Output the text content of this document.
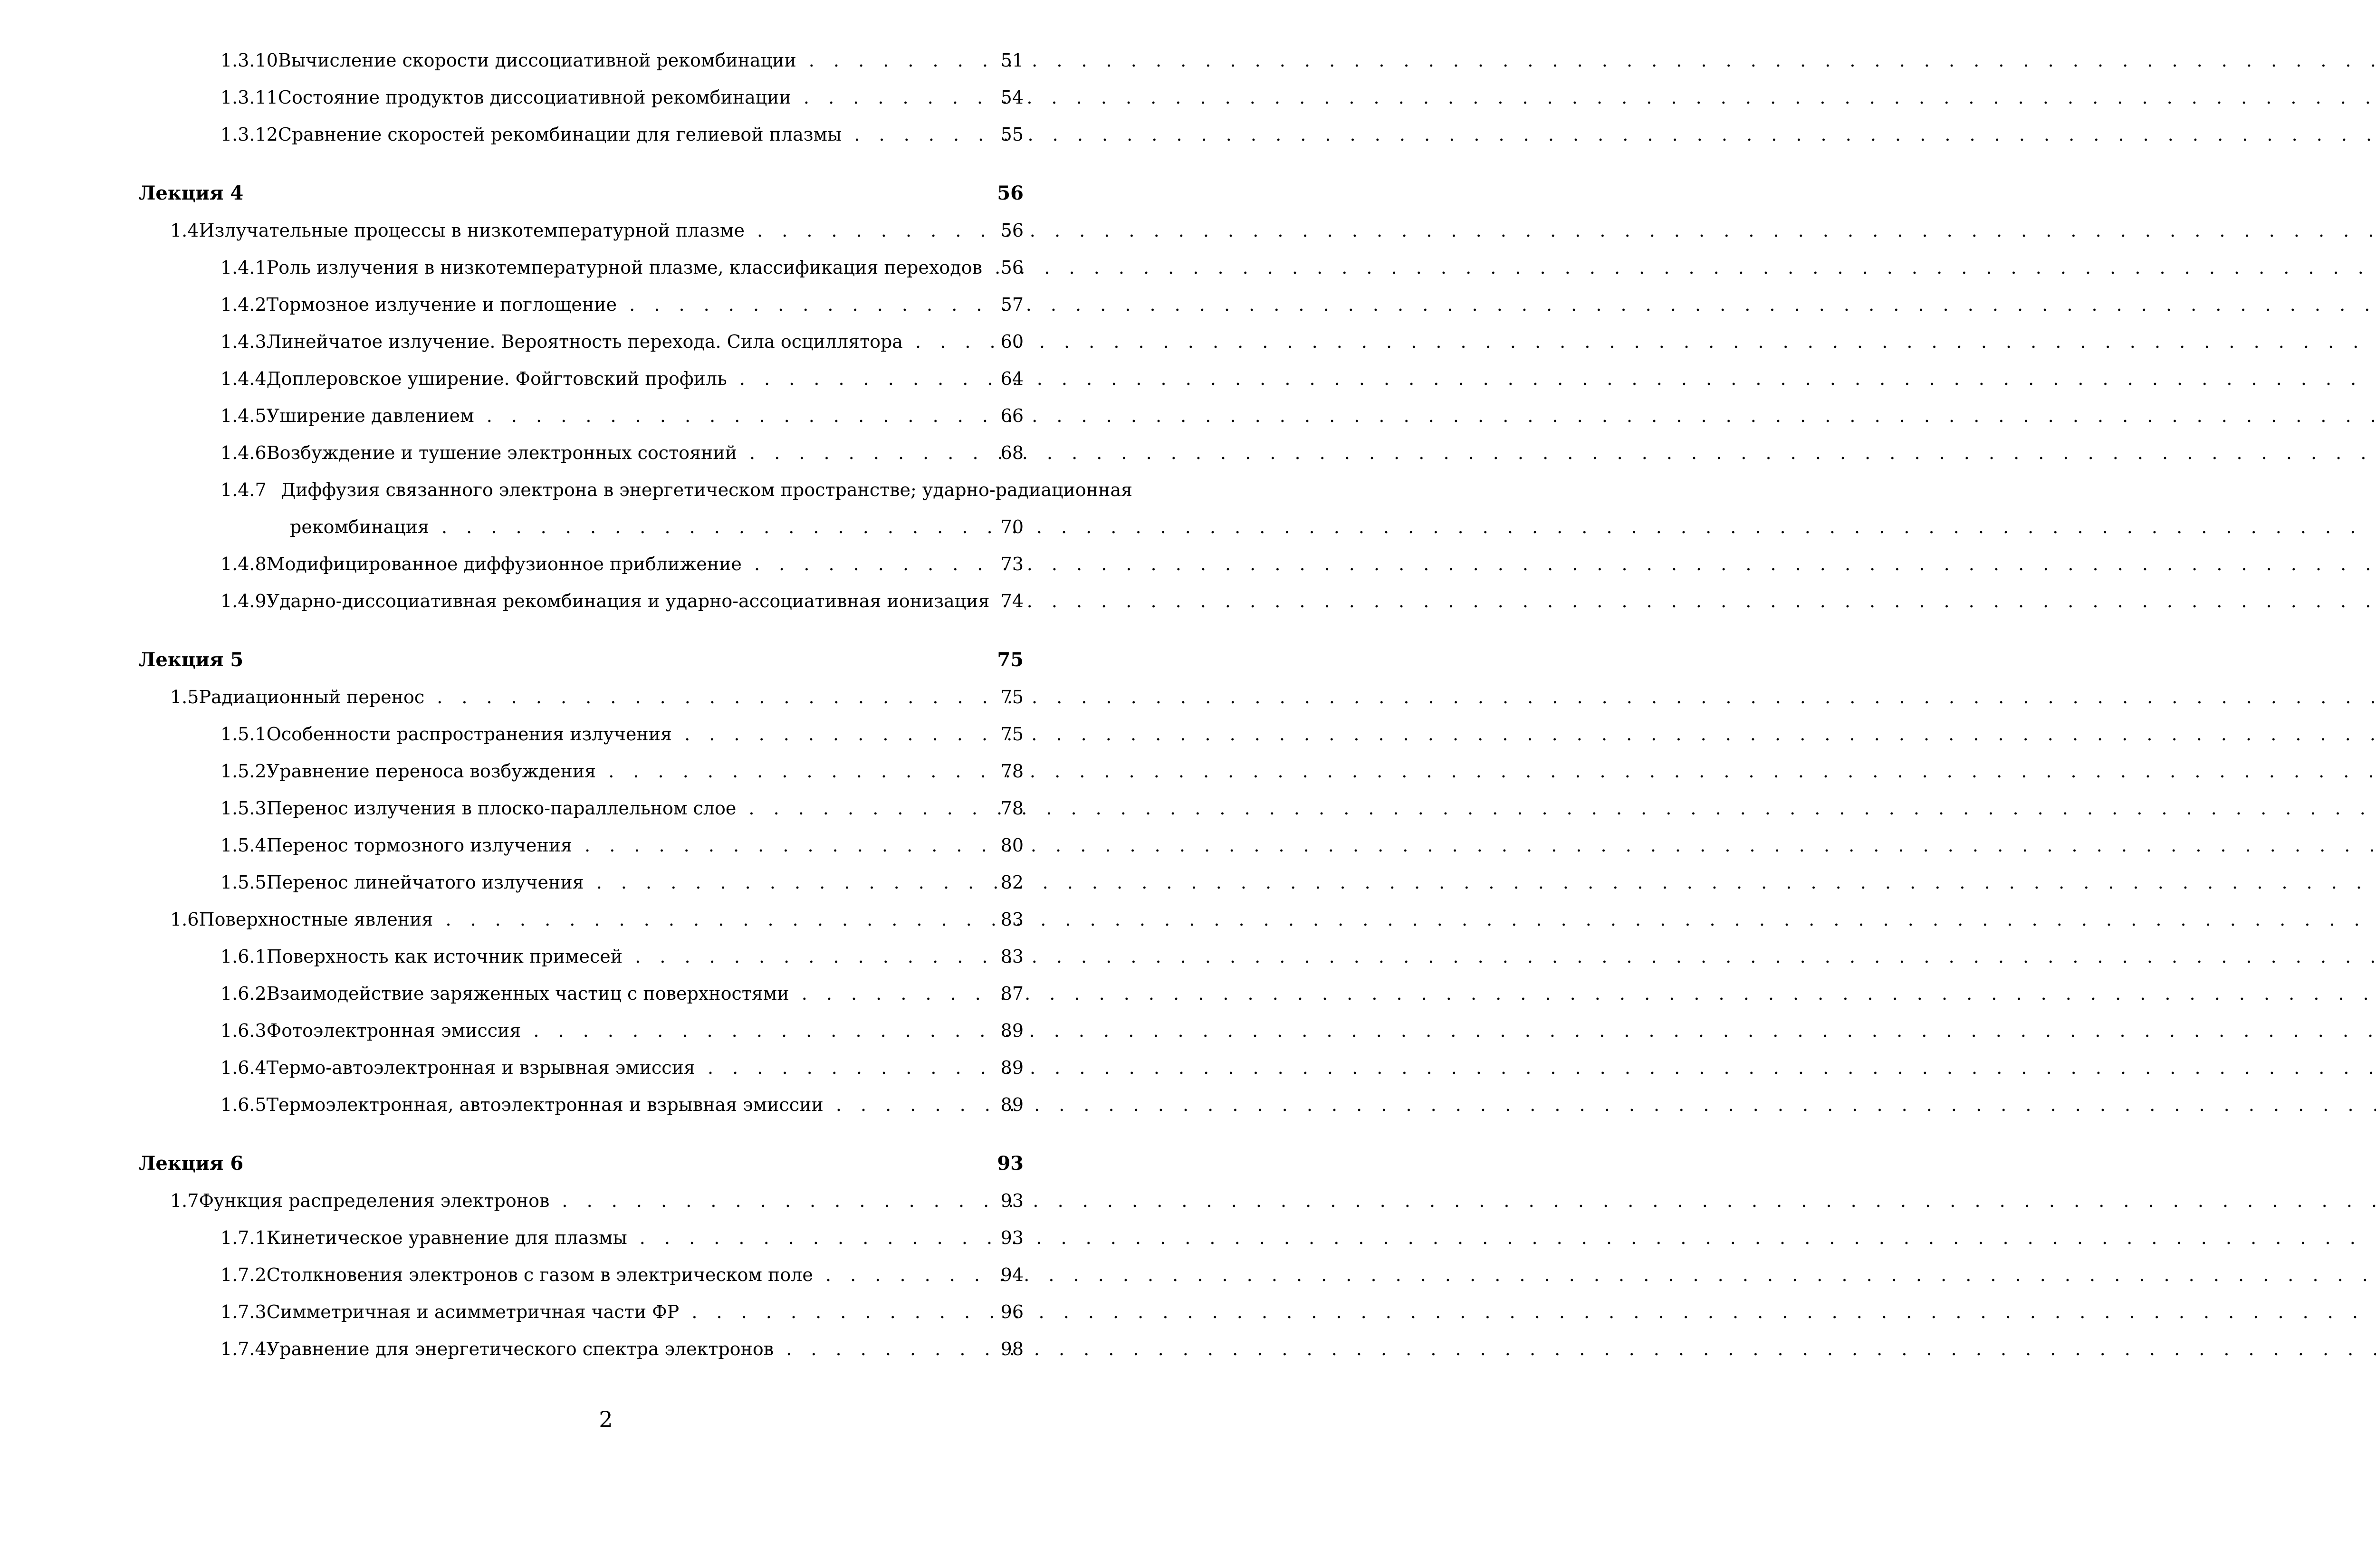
1.3.10 Вычисление скорости диссоциативной рекомбинации . . .	51
1.3.11 Состояние продуктов диссоциативной рекомбинации . . .	54
1.3.12 Сравнение скоростей рекомбинации для гелиевой плазмы . . .	55
Лекция 4	56
1.4 Излучательные процессы в низкотемпературной плазме . . .	56
1.4.1 Роль излучения в низкотемпературной плазме, классификация переходов . . .	56
1.4.2 Тормозное излучение и поглощение . . .	57
1.4.3 Линейчатое излучение. Вероятность перехода. Сила осциллятора . . .	60
1.4.4 Доплеровское уширение. Фойгтовский профиль . . .	64
1.4.5 Уширение давлением . . .	66
1.4.6 Возбуждение и тушение электронных состояний . . .	68
1.4.7 Диффузия связанного электрона в энергетическом пространстве; ударно-радиационная
рекомбинация . . .	70
1.4.8 Модифицированное диффузионное приближение . . .	73
1.4.9 Ударно-диссоциативная рекомбинация и ударно-ассоциативная ионизация . . . 74
Лекция 5	75
1.5 Радиационный перенос . . .	75
1.5.1 Особенности распространения излучения . . .	75
1.5.2 Уравнение переноса возбуждения . . .	78
1.5.3 Перенос излучения в плоско-параллельном слое . . .	78
1.5.4 Перенос тормозного излучения . . .	80
1.5.5 Перенос линейчатого излучения . . .	82
1.6 Поверхностные явления . . .	83
1.6.1 Поверхность как источник примесей . . .	83
1.6.2 Взаимодействие заряженных частиц с поверхностями . . .	87
1.6.3 Фотоэлектронная эмиссия . . .	89
1.6.4 Термо-автоэлектронная и взрывная эмиссия . . .	89
1.6.5 Термоэлектронная, автоэлектронная и взрывная эмиссии . . .	89
Лекция 6	93
1.7 Функция распределения электронов . . .	93
1.7.1 Кинетическое уравнение для плазмы . . .	93
1.7.2 Столкновения электронов с газом в электрическом поле . . .	94
1.7.3 Симметричная и асимметричная части ФР . . .	96
1.7.4 Уравнение для энергетического спектра электронов . . .	98
2
